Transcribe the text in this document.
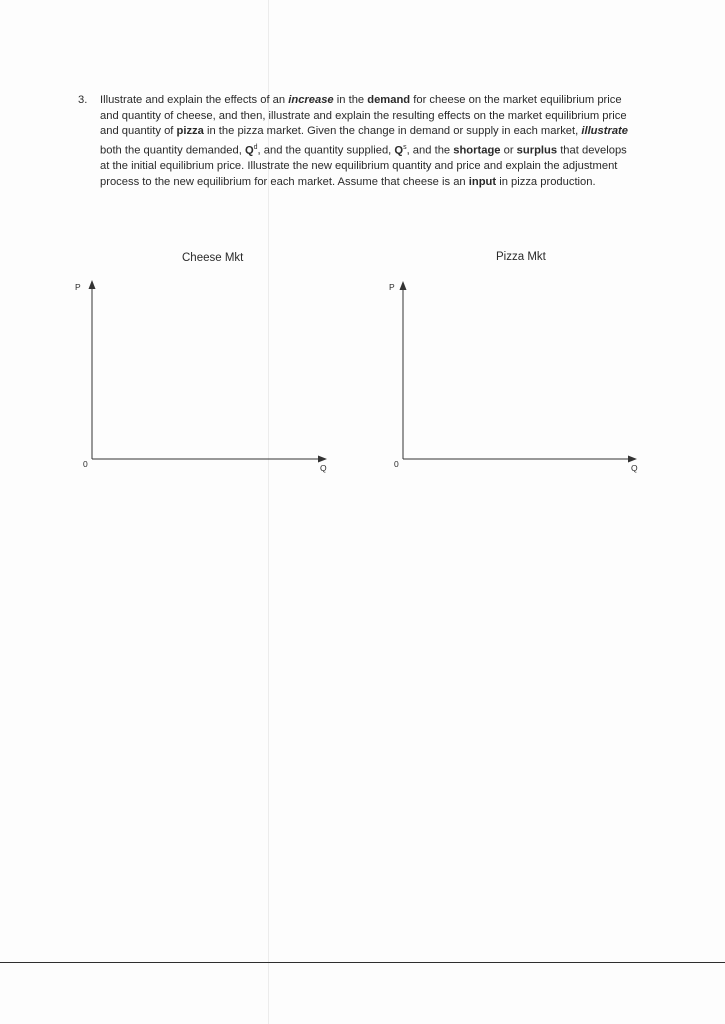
3. Illustrate and explain the effects of an increase in the demand for cheese on the market equilibrium price and quantity of cheese, and then, illustrate and explain the resulting effects on the market equilibrium price and quantity of pizza in the pizza market. Given the change in demand or supply in each market, illustrate both the quantity demanded, $Q^d$, and the quantity supplied, $Q^s$, and the shortage or surplus that develops at the initial equilibrium price. Illustrate the new equilibrium quantity and price and explain the adjustment process to the new equilibrium for each market. Assume that cheese is an input in pizza production.
Cheese Mkt
P
0	Q
Pizza Mkt
P
0	Q
